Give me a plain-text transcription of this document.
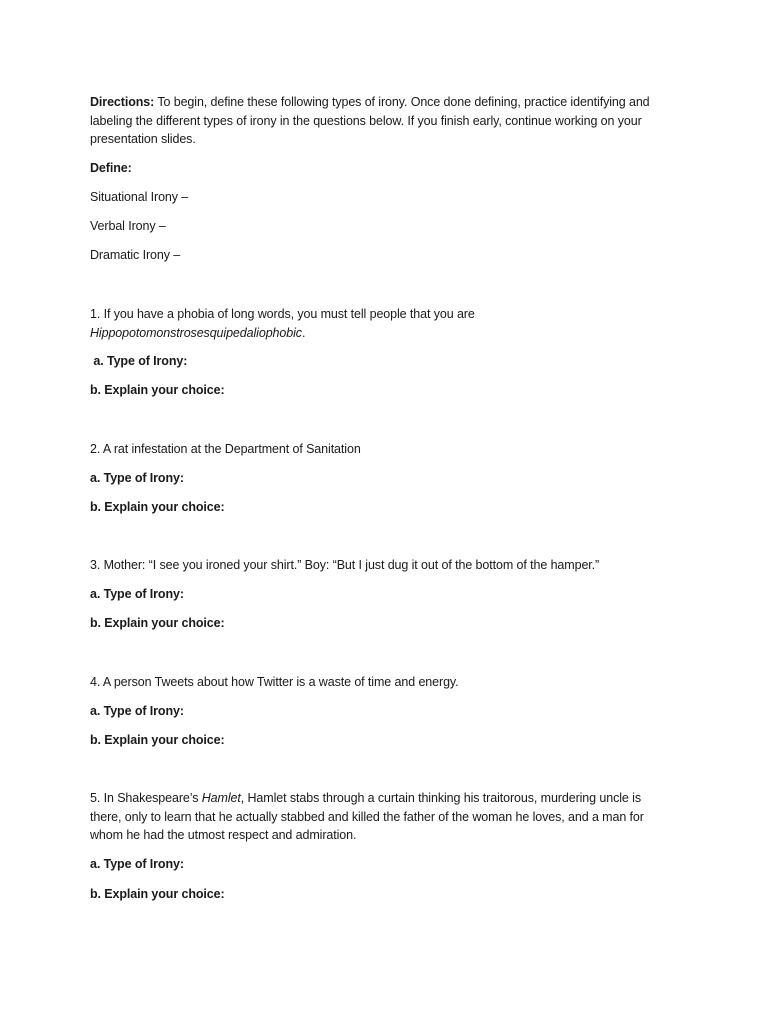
Directions: To begin, define these following types of irony. Once done defining, practice identifying and
labeling the different types of irony in the questions below. If you finish early, continue working on your
presentation slides.
Define:
Situational Irony –
Verbal Irony –
Dramatic Irony –
1. If you have a phobia of long words, you must tell people that you are
Hippopotomonstrosesquipedaliophobic.
a. Type of Irony:
b. Explain your choice:
2. A rat infestation at the Department of Sanitation
a. Type of Irony:
b. Explain your choice:
3. Mother: “I see you ironed your shirt.” Boy: “But I just dug it out of the bottom of the hamper.”
a. Type of Irony:
b. Explain your choice:
4. A person Tweets about how Twitter is a waste of time and energy.
a. Type of Irony:
b. Explain your choice:
5. In Shakespeare’s Hamlet, Hamlet stabs through a curtain thinking his traitorous, murdering uncle is
there, only to learn that he actually stabbed and killed the father of the woman he loves, and a man for
whom he had the utmost respect and admiration.
a. Type of Irony:
b. Explain your choice:
